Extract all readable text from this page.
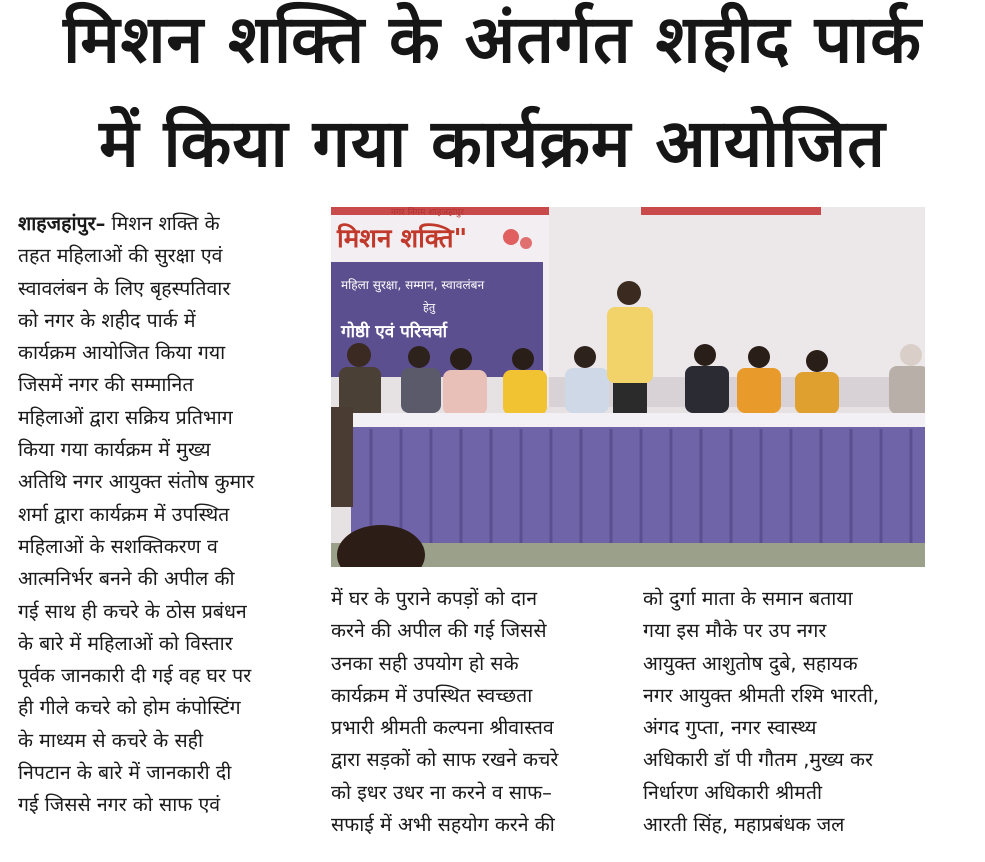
मिशन शक्ति के अंतर्गत शहीद पार्क
में किया गया कार्यक्रम आयोजित
शाहजहांपुर– मिशन शक्ति के
तहत महिलाओं की सुरक्षा एवं
स्वावलंबन के लिए बृहस्पतिवार
को नगर के शहीद पार्क में
कार्यक्रम आयोजित किया गया
जिसमें नगर की सम्मानित
महिलाओं द्वारा सक्रिय प्रतिभाग
किया गया कार्यक्रम में मुख्य
अतिथि नगर आयुक्त संतोष कुमार
शर्मा द्वारा कार्यक्रम में उपस्थित
महिलाओं के सशक्तिकरण व
आत्मनिर्भर बनने की अपील की
गई साथ ही कचरे के ठोस प्रबंधन
के बारे में महिलाओं को विस्तार
पूर्वक जानकारी दी गई वह घर पर
ही गीले कचरे को होम कंपोस्टिंग
के माध्यम से कचरे के सही
निपटान के बारे में जानकारी दी
गई जिससे नगर को साफ एवं
नगर निगम शाहजहांपुर
मिशन शक्ति"
महिला सुरक्षा, सम्मान, स्वावलंबन
हेतु
गोष्ठी एवं परिचर्चा
में घर के पुराने कपड़ों को दान
करने की अपील की गई जिससे
उनका सही उपयोग हो सके
कार्यक्रम में उपस्थित स्वच्छता
प्रभारी श्रीमती कल्पना श्रीवास्तव
द्वारा सड़कों को साफ रखने कचरे
को इधर उधर ना करने व साफ–
सफाई में अभी सहयोग करने की
को दुर्गा माता के समान बताया
गया इस मौके पर उप नगर
आयुक्त आशुतोष दुबे, सहायक
नगर आयुक्त श्रीमती रश्मि भारती,
अंगद गुप्ता, नगर स्वास्थ्य
अधिकारी डॉ पी गौतम ,मुख्य कर
निर्धारण अधिकारी श्रीमती
आरती सिंह, महाप्रबंधक जल
